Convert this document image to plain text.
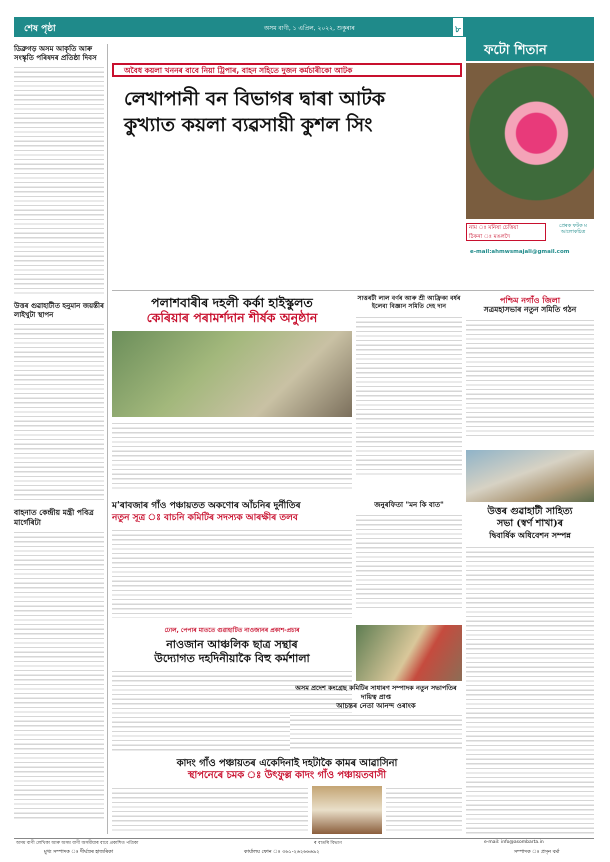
শেষ পৃষ্ঠা	অসম বাণী, ১ এপ্ৰিল, ২০২২, শুকুৰাৰ	৮
ফটো শিতান
ডিব্ৰুগড় অসম আকৃতি আৰু সংস্কৃতি পৰিষদৰ প্ৰতিষ্ঠা দিবস
উত্তৰ গুৱাহাটীত হনুমান জয়ন্তীৰ লাইখুটা স্থাপন
বাহনাত কেন্দ্ৰীয় মন্ত্ৰী পবিত্ৰ মাৰ্গেৰিটা
অবৈধ কয়লা খননৰ বাবে নিয়া ট্ৰিপাৰ, বাহন সহিতে দুজন কৰ্মচাৰীকো আটক
লেখাপানী বন বিভাগৰ দ্বাৰা আটক
কুখ্যাত কয়লা ব্যৱসায়ী কুশল সিং
নাম ঃ মনিষা চেত্তিয়া
ঠিকনা ঃ মঙলদৈ
প্ৰেৰক ফটক ম আলোকচিত্ৰ
e-mail:ahmwsmajali@gmail.com
পলাশবাৰীৰ দহলী কৰ্কা হাইস্কুলত
কেৰিয়াৰ পৰামৰ্শদান শীৰ্ষক অনুষ্ঠান
সাত্তৰটী লাল বৰ্ণৰ আৰু শ্ৰী আফ্ৰিকা বৰ্ষৰ ইলেবা বিজ্ঞান সমিতি দেহ দান
পশ্চিম নগাঁও জিলা
সত্ৰমহাসভাৰ নতুন সমিতি গঠন
ম'ৰাবজাৰ গাঁও পঞ্চায়তত অকণোৰ আঁচনিৰ দুৰ্নীতিৰ
নতুন সূত্ৰ ঃ বাচনি কমিটিৰ সদস্যক আৰক্ষীৰ তলব
জনুৰফিতা "মন কি বাত"
উত্তৰ গুৱাহাটী সাহিত্য
সভা (স্বৰ্ণ শাখা)ৰ
দ্বিবাৰ্ষিক অধিবেশন সম্পন্ন
ঢোল, পেপাৰ মাততে গুৱাহাটিত নাওজানৰ প্ৰকাশ-প্ৰচাৰ
নাওজান আঞ্চলিক ছাত্ৰ সন্থাৰ
উদ্যোগত দহদিনীয়াকৈ বিহু কৰ্মশালা
অসম প্ৰদেশ কংগ্ৰেছ কমিটিৰ সাধাৰণ সম্পাদক নতুন সভাপতিৰ দায়িত্ব প্ৰাপ্ত
আচন্তৰ নেতা আনন্দ ওৰাংক
কাদং গাঁও পঞ্চায়তৰ একেদিনাই দহটাকৈ কামৰ আৱাসিনা
স্থাপনেৰে চমক ঃ উৎফুল্ল কাদং গাঁও পঞ্চায়তবাসী
অসম বাণী লেখিকা আৰু অসম বাণী অসমীয়াৰ বাবে প্ৰকাশিত পত্ৰিকা	ৰ বাতৰি বিভাগ	e-mail: info@asombarta.in
মুখ্য সম্পাদক ঃ দীৰ্ঘস্ৰৰ হাজৰিকা	কাৰ্যালয় ফোন ঃ ৩৬১-২৬২৬৬৬৯২	সম্পাদক ঃ প্ৰসৃন বৰ্মা
